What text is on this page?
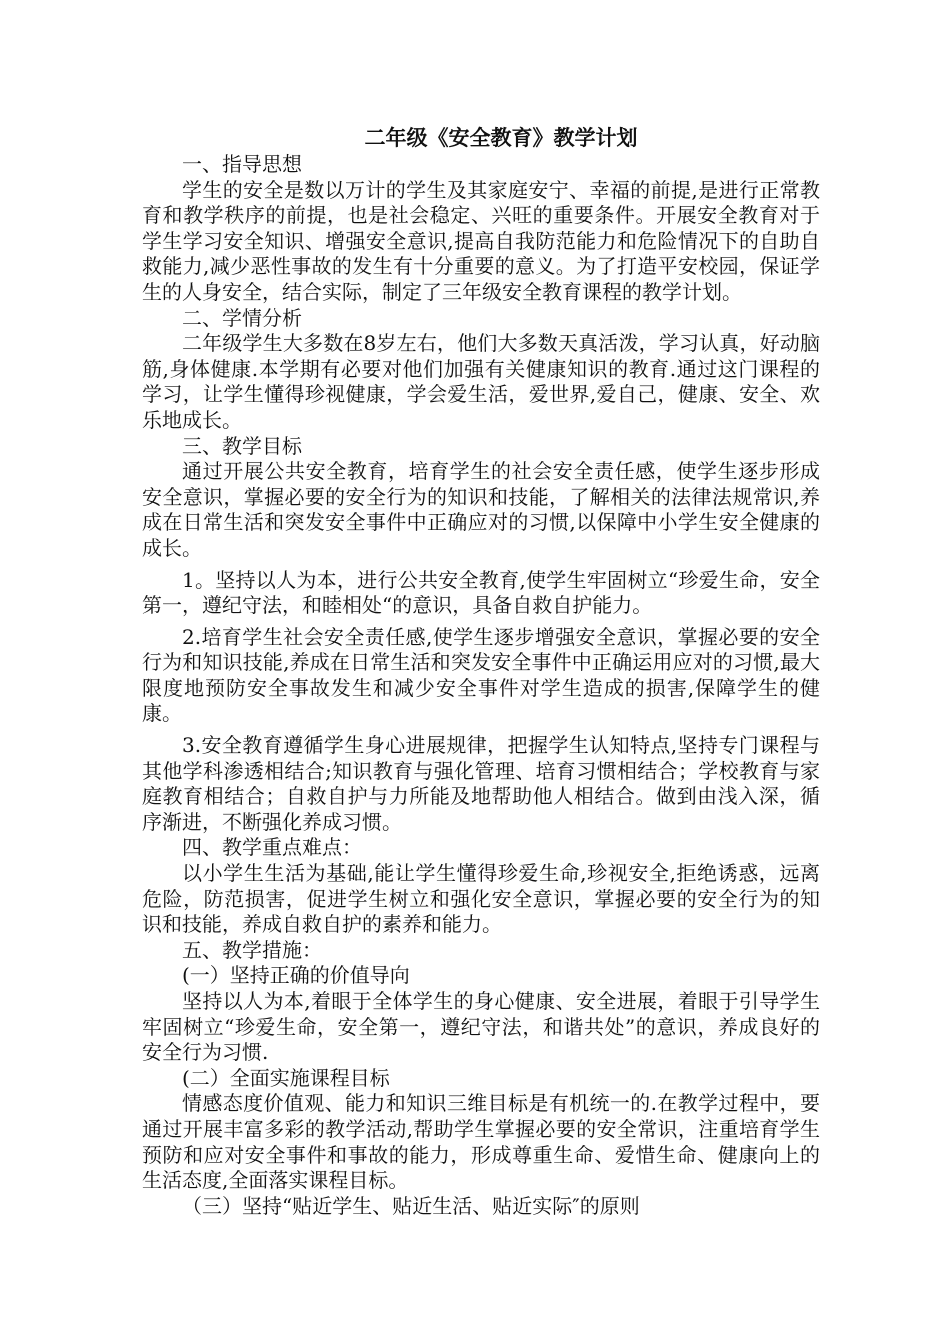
二年级《安全教育》教学计划

一、指导思想

学生的安全是数以万计的学生及其家庭安宁、幸福的前提,是进行正常教育和教学秩序的前提，也是社会稳定、兴旺的重要条件。开展安全教育对于学生学习安全知识、增强安全意识,提高自我防范能力和危险情况下的自助自救能力,减少恶性事故的发生有十分重要的意义。为了打造平安校园，保证学生的人身安全，结合实际，制定了三年级安全教育课程的教学计划。

二、学情分析

二年级学生大多数在8岁左右，他们大多数天真活泼，学习认真，好动脑筋,身体健康.本学期有必要对他们加强有关健康知识的教育.通过这门课程的学习，让学生懂得珍视健康，学会爱生活，爱世界,爱自己，健康、安全、欢乐地成长。

三、教学目标

通过开展公共安全教育，培育学生的社会安全责任感，使学生逐步形成安全意识，掌握必要的安全行为的知识和技能，了解相关的法律法规常识,养成在日常生活和突发安全事件中正确应对的习惯,以保障中小学生安全健康的成长。

1。坚持以人为本，进行公共安全教育,使学生牢固树立“珍爱生命，安全第一，遵纪守法，和睦相处“的意识，具备自救自护能力。

2.培育学生社会安全责任感,使学生逐步增强安全意识，掌握必要的安全行为和知识技能,养成在日常生活和突发安全事件中正确运用应对的习惯,最大限度地预防安全事故发生和减少安全事件对学生造成的损害,保障学生的健康。

3.安全教育遵循学生身心进展规律，把握学生认知特点,坚持专门课程与其他学科渗透相结合;知识教育与强化管理、培育习惯相结合；学校教育与家庭教育相结合；自救自护与力所能及地帮助他人相结合。做到由浅入深，循序渐进，不断强化养成习惯。

四、教学重点难点：

以小学生生活为基础,能让学生懂得珍爱生命,珍视安全,拒绝诱惑，远离危险，防范损害，促进学生树立和强化安全意识，掌握必要的安全行为的知识和技能，养成自救自护的素养和能力。

五、教学措施：

(一）坚持正确的价值导向

坚持以人为本,着眼于全体学生的身心健康、安全进展，着眼于引导学生牢固树立“珍爱生命，安全第一，遵纪守法，和谐共处”的意识，养成良好的安全行为习惯.

(二）全面实施课程目标

情感态度价值观、能力和知识三维目标是有机统一的.在教学过程中，要通过开展丰富多彩的教学活动,帮助学生掌握必要的安全常识，注重培育学生预防和应对安全事件和事故的能力，形成尊重生命、爱惜生命、健康向上的生活态度,全面落实课程目标。

（三）坚持“贴近学生、贴近生活、贴近实际″的原则
